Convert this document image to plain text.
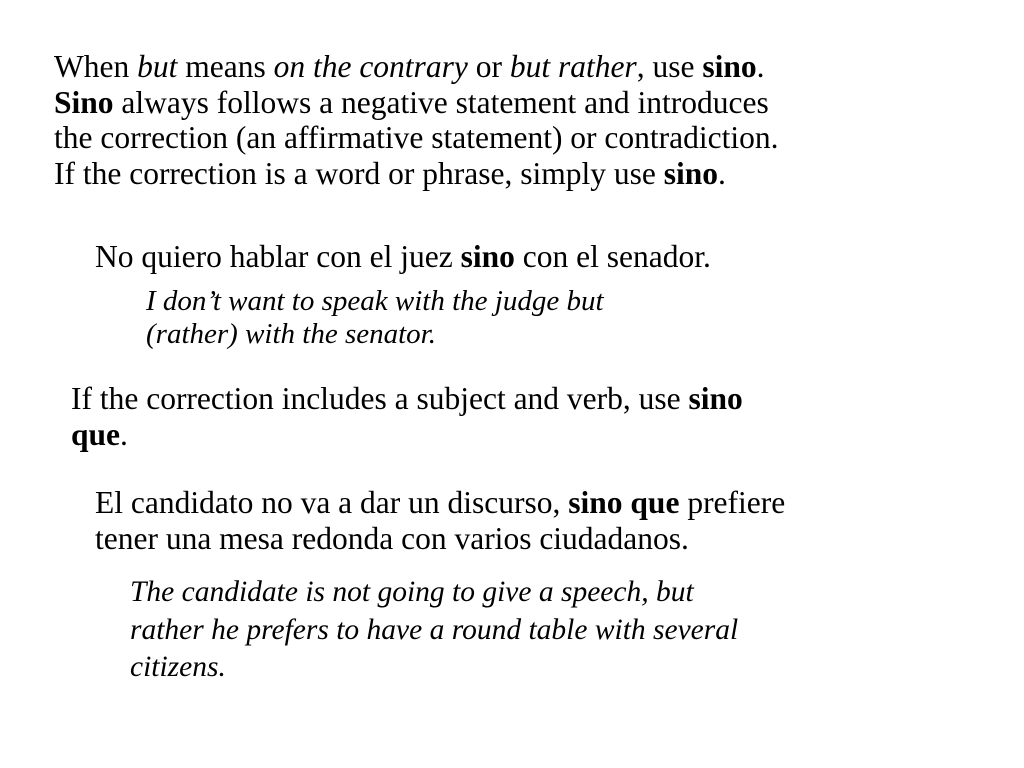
When but means on the contrary or but rather, use sino.
Sino always follows a negative statement and introduces
the correction (an affirmative statement) or contradiction.
If the correction is a word or phrase, simply use sino.
No quiero hablar con el juez sino con el senador.
I don’t want to speak with the judge but
(rather) with the senator.
If the correction includes a subject and verb, use sino
que.
El candidato no va a dar un discurso, sino que prefiere
tener una mesa redonda con varios ciudadanos.
The candidate is not going to give a speech, but
rather he prefers to have a round table with several
citizens.
